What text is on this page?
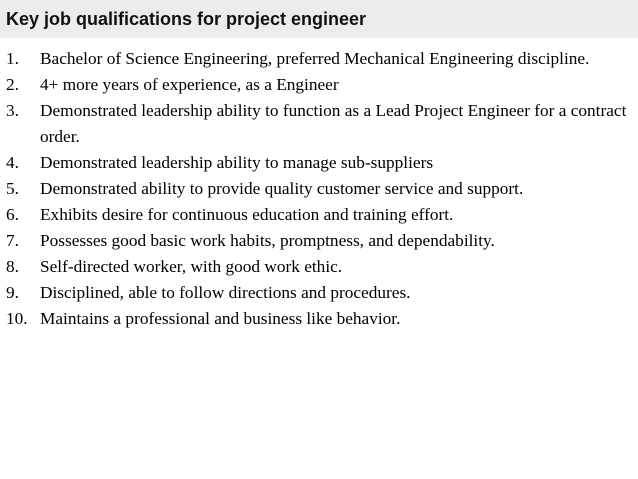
Key job qualifications for project engineer
1.	Bachelor of Science Engineering, preferred Mechanical Engineering discipline.
2.	4+ more years of experience, as a Engineer
3.	Demonstrated leadership ability to function as a Lead Project Engineer for a contract order.
4.	Demonstrated leadership ability to manage sub-suppliers
5.	Demonstrated ability to provide quality customer service and support.
6.	Exhibits desire for continuous education and training effort.
7.	Possesses good basic work habits, promptness, and dependability.
8.	Self-directed worker, with good work ethic.
9.	Disciplined, able to follow directions and procedures.
10. Maintains a professional and business like behavior.
